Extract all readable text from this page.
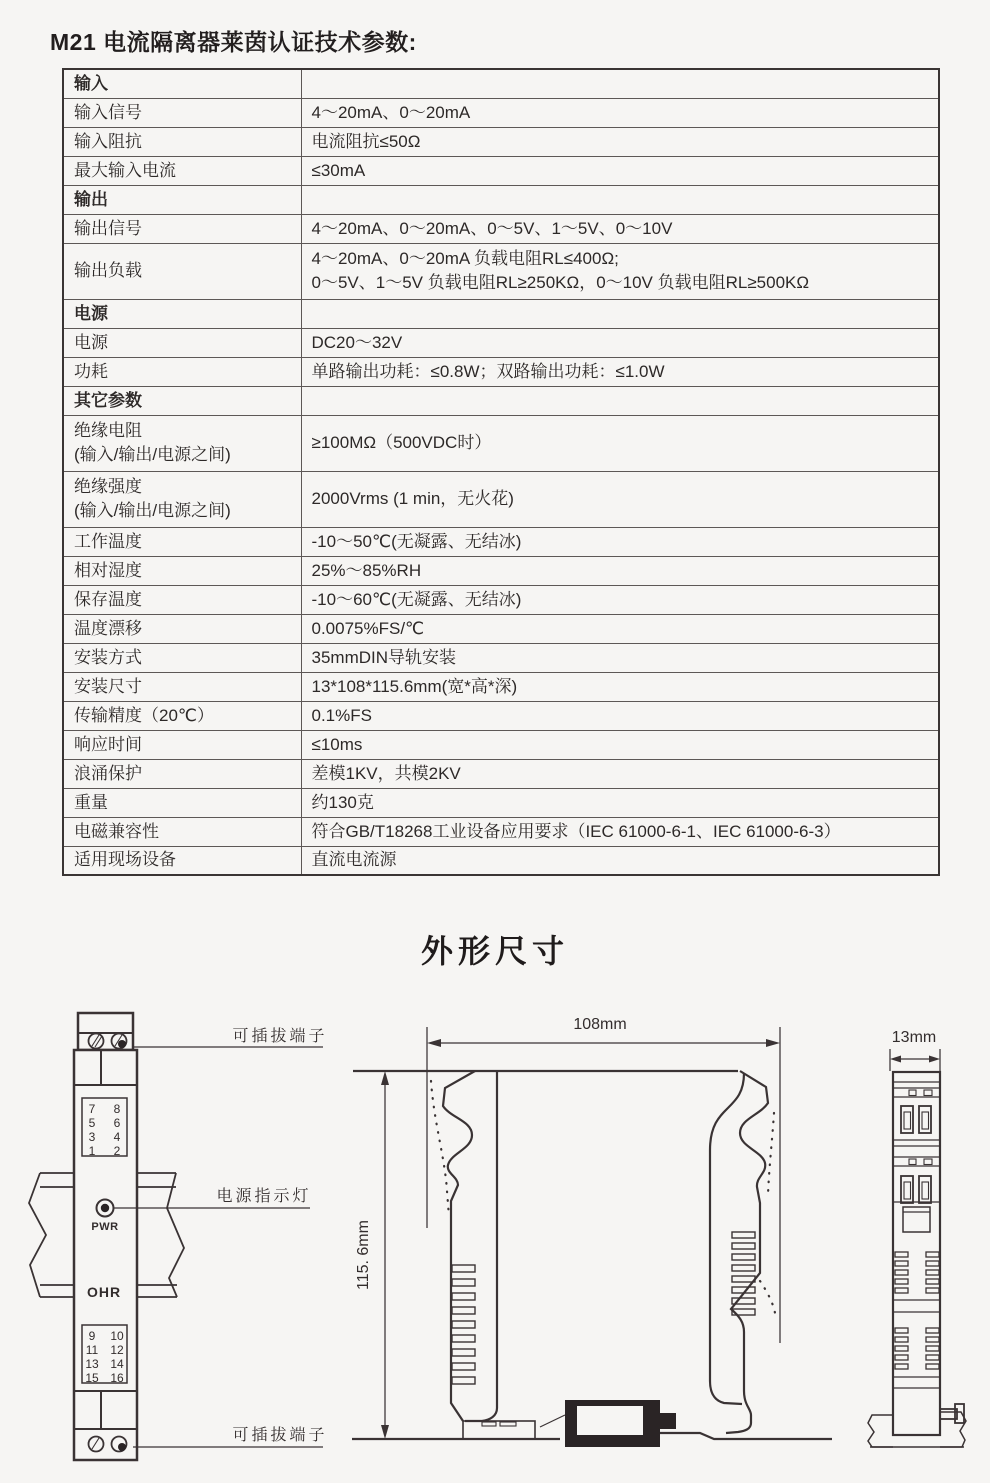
M21 电流隔离器莱茵认证技术参数:
输入	

输入信号	4～20mA、0～20mA

输入阻抗	电流阻抗≤50Ω

最大输入电流	≤30mA

输出	

输出信号	4～20mA、0～20mA、0～5V、1～5V、0～10V

输出负载	4～20mA、0～20mA 负载电阻RL≤400Ω;
0～5V、1～5V 负载电阻RL≥250KΩ，0～10V 负载电阻RL≥500KΩ

电源	

电源	DC20～32V

功耗	单路输出功耗：≤0.8W；双路输出功耗：≤1.0W

其它参数	

绝缘电阻
(输入/输出/电源之间)	≥100MΩ（500VDC时）

绝缘强度
(输入/输出/电源之间)	2000Vrms (1 min，无火花)

工作温度	-10～50℃(无凝露、无结冰)

相对湿度	25%～85%RH

保存温度	-10～60℃(无凝露、无结冰)

温度漂移	0.0075%FS/℃

安装方式	35mmDIN导轨安装

安装尺寸	13*108*115.6mm(宽*高*深)

传输精度（20℃）	0.1%FS

响应时间	≤10ms

浪涌保护	差模1KV，共模2KV

重量	约130克

电磁兼容性	符合GB/T18268工业设备应用要求（IEC 61000-6-1、IEC 61000-6-3）

适用现场设备	直流电流源
外形尺寸
可插拔端子
电源指示灯
可插拔端子
PWR
OHR
7 8
5 6
3 4
1 2
9 10
11 12
13 14
15 16
108mm
115. 6mm
13mm
